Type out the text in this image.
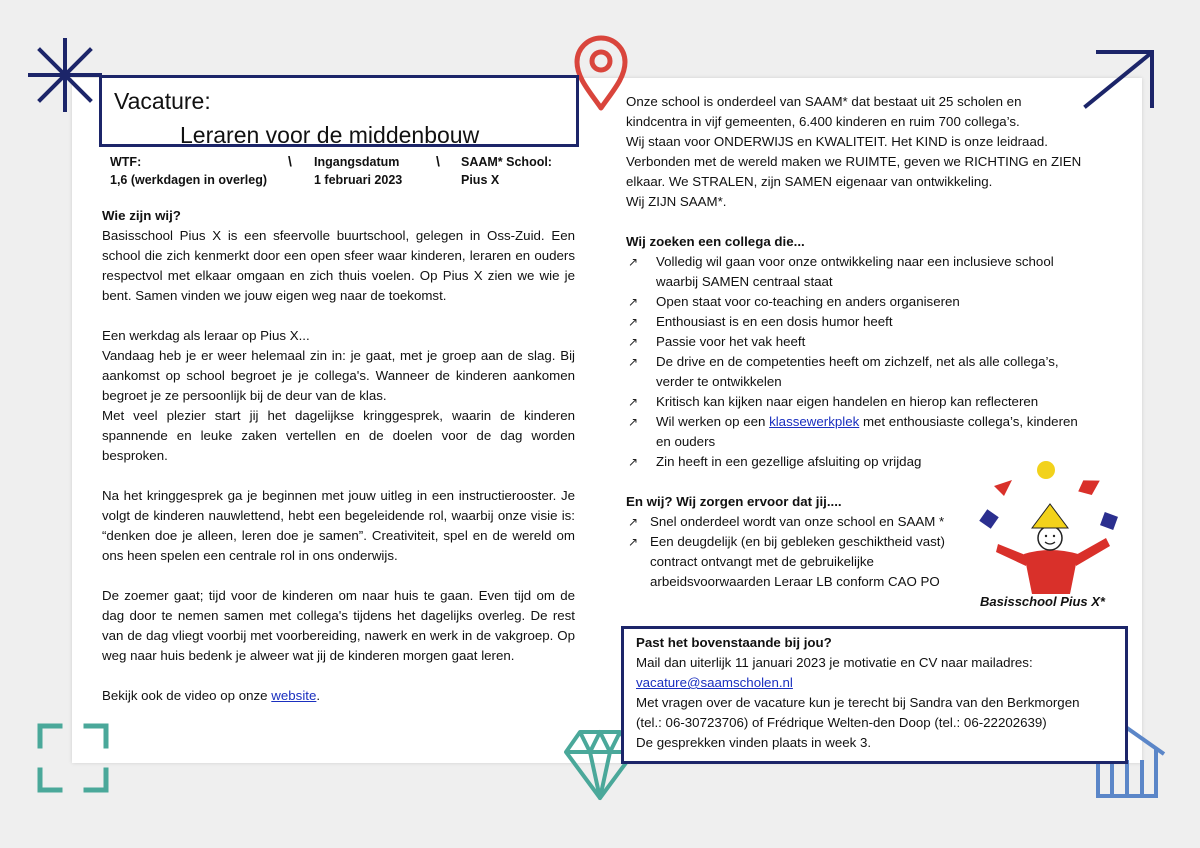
Vacature:
Leraren voor de middenbouw
WTF:
1,6 (werkdagen in overleg)
\ Ingangsdatum
1 februari 2023
\ SAAM* School:
Pius X

Wie zijn wij?

Basisschool Pius X is een sfeervolle buurtschool, gelegen in Oss-Zuid. Een school die zich kenmerkt door een open sfeer waar kinderen, leraren en ouders respectvol met elkaar omgaan en zich thuis voelen. Op Pius X zien we wie je bent. Samen vinden we jouw eigen weg naar de toekomst.

Een werkdag als leraar op Pius X...

Vandaag heb je er weer helemaal zin in: je gaat, met je groep aan de slag. Bij aankomst op school begroet je je collega's. Wanneer de kinderen aankomen begroet je ze persoonlijk bij de deur van de klas.

Met veel plezier start jij het dagelijkse kringgesprek, waarin de kinderen spannende en leuke zaken vertellen en de doelen voor de dag worden besproken.

Na het kringgesprek ga je beginnen met jouw uitleg in een instructierooster. Je volgt de kinderen nauwlettend, hebt een begeleidende rol, waarbij onze visie is: “denken doe je alleen, leren doe je samen”. Creativiteit, spel en de wereld om ons heen spelen een centrale rol in ons onderwijs.

De zoemer gaat; tijd voor de kinderen om naar huis te gaan. Even tijd om de dag door te nemen samen met collega's tijdens het dagelijks overleg. De rest van de dag vliegt voorbij met voorbereiding, nawerk en werk in de vakgroep. Op weg naar huis bedenk je alweer wat jij de kinderen morgen gaat leren.

Bekijk ook de video op onze website.

Onze school is onderdeel van SAAM* dat bestaat uit 25 scholen en

kindcentra in vijf gemeenten, 6.400 kinderen en ruim 700 collega’s.

Wij staan voor ONDERWIJS en KWALITEIT. Het KIND is onze leidraad.

Verbonden met de wereld maken we RUIMTE, geven we RICHTING en ZIEN

elkaar. We STRALEN, zijn SAMEN eigenaar van ontwikkeling.

Wij ZIJN SAAM*.

Wij zoeken een collega die...

↗ Volledig wil gaan voor onze ontwikkeling naar een inclusieve school waarbij SAMEN centraal staat
↗ Open staat voor co-teaching en anders organiseren
↗ Enthousiast is en een dosis humor heeft
↗ Passie voor het vak heeft
↗ De drive en de competenties heeft om zichzelf, net als alle collega’s, verder te ontwikkelen
↗ Kritisch kan kijken naar eigen handelen en hierop kan reflecteren
↗ Wil werken op een klassewerkplek met enthousiaste collega’s, kinderen en ouders
↗ Zin heeft in een gezellige afsluiting op vrijdag

En wij? Wij zorgen ervoor dat jij....

↗ Snel onderdeel wordt van onze school en SAAM *
↗ Een deugdelijk (en bij gebleken geschiktheid vast) contract ontvangt met de gebruikelijke arbeidsvoorwaarden Leraar LB conform CAO PO
Basisschool Pius X*

Past het bovenstaande bij jou?

Mail dan uiterlijk 11 januari 2023 je motivatie en CV naar mailadres:

vacature@saamscholen.nl

Met vragen over de vacature kun je terecht bij Sandra van den Berkmorgen

(tel.: 06-30723706) of Frédrique Welten-den Doop (tel.: 06-22202639)

De gesprekken vinden plaats in week 3.
